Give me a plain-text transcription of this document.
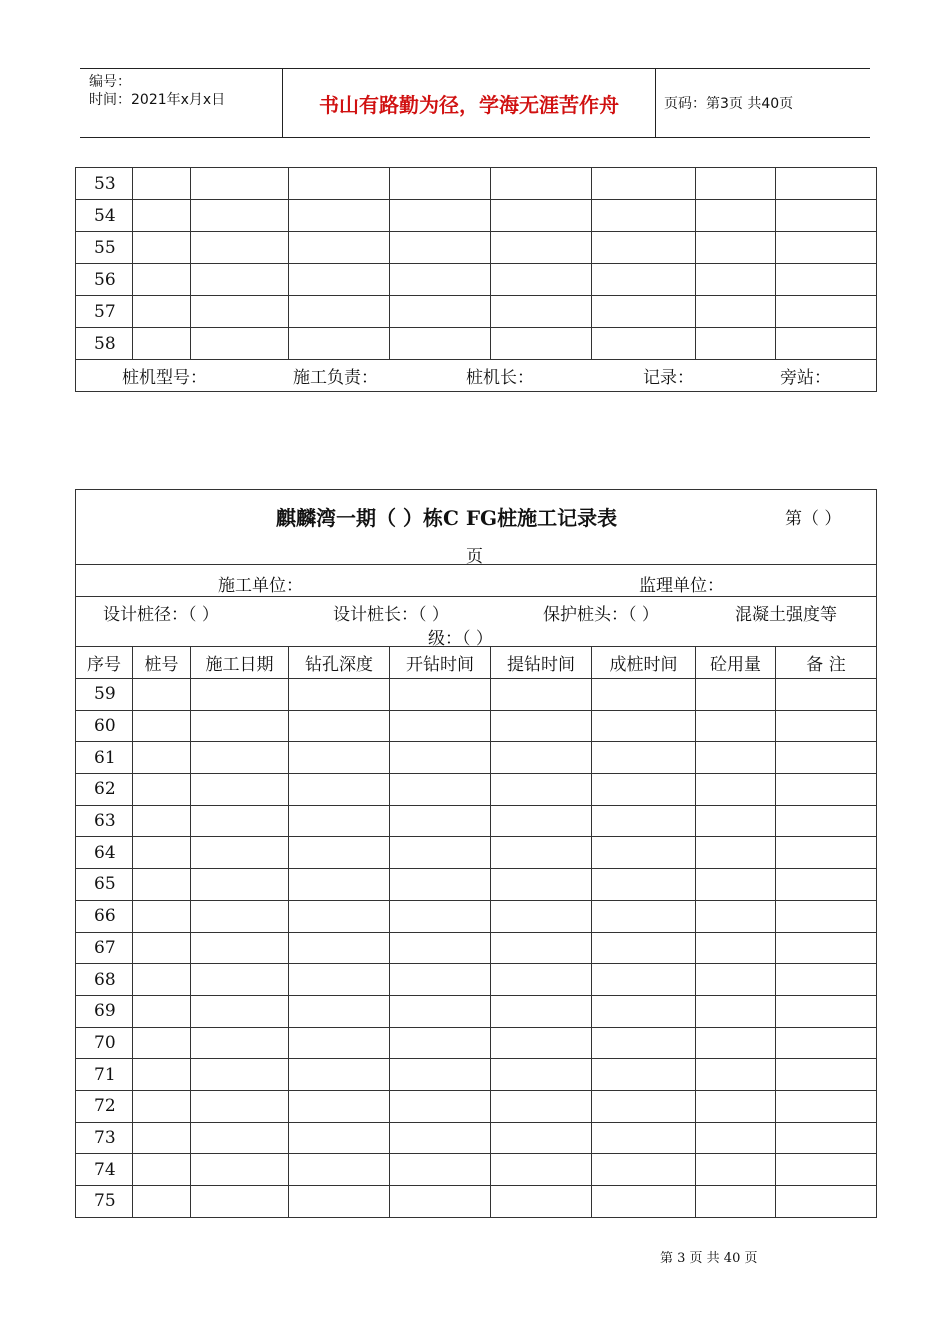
编号：
时间：2021年x月x日	书山有路勤为径，学海无涯苦作舟	页码：第3页 共40页
53								
54								
55								
56								
57								
58								

桩机型号： 施工负责： 桩机长： 记录： 旁站：								
麒麟湾一期（ ）栋C FG桩施工记录表 第（ ）
页								

施工单位： 监理单位：								

设计桩径：（ ） 设计桩长：（ ） 保护桩头：（ ） 混凝土强度等
级：（ ）								

序号	桩号	施工日期	钻孔深度	开钻时间	提钻时间	成桩时间	砼用量	备 注
59								
60								
61								
62								
63								
64								
65								
66								
67								
68								
69								
70								
71								
72								
73								
74								
75								
第 3 页 共 40 页
